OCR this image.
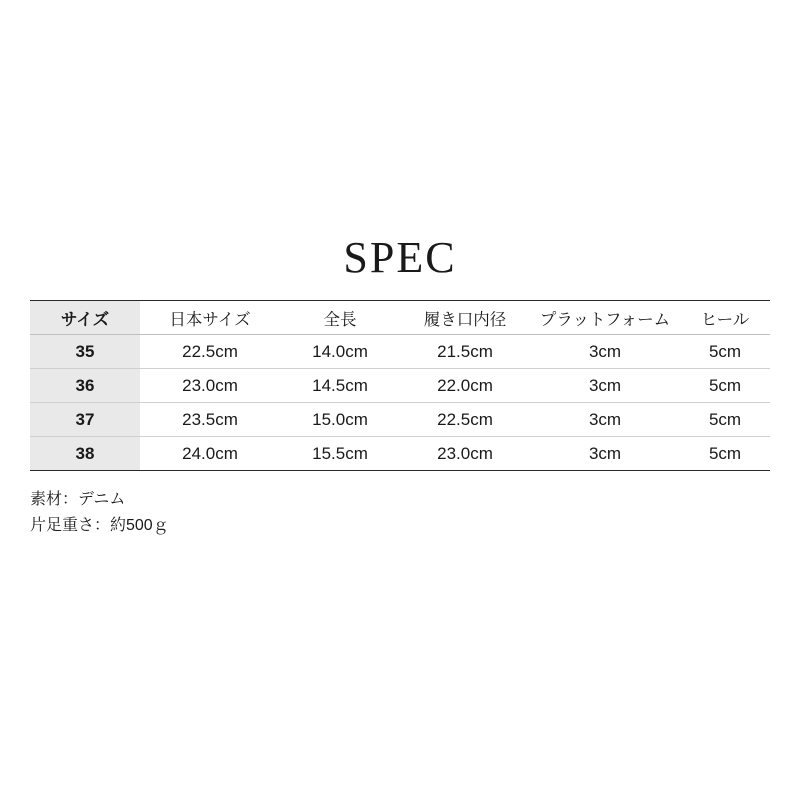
SPEC
サイズ	日本サイズ	全長	履き口内径	プラットフォーム	ヒール
35	22.5cm	14.0cm	21.5cm	3cm	5cm
36	23.0cm	14.5cm	22.0cm	3cm	5cm
37	23.5cm	15.0cm	22.5cm	3cm	5cm
38	24.0cm	15.5cm	23.0cm	3cm	5cm
素材：デニム
片足重さ：約500ｇ
